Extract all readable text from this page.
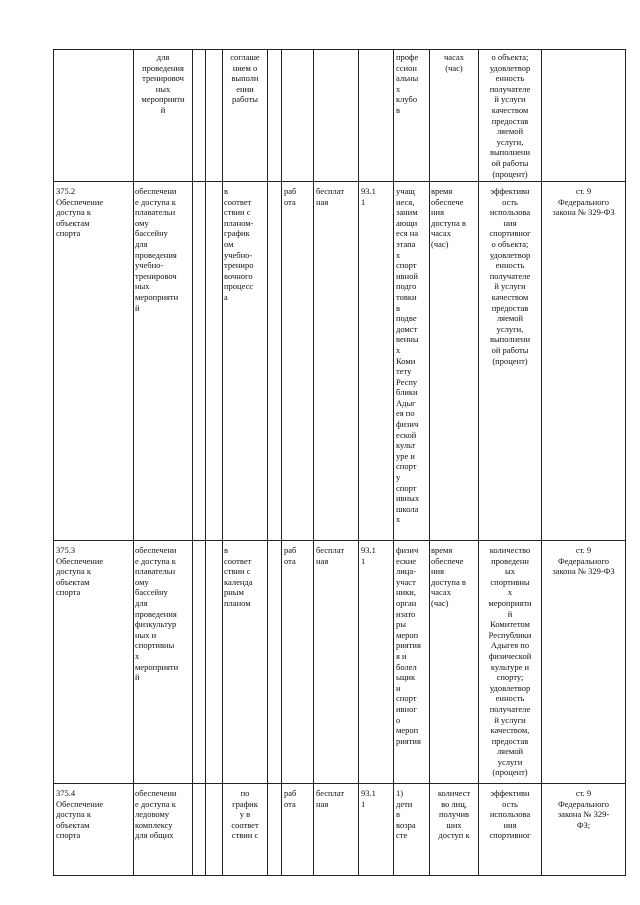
для
проведения
тренировоч
ных
мероприяти
й
соглаше
нием о
выполн
ении
работы
профе
ссион
альны
х
клубо
в
часах
(час)
о объекта;
удовлетвор
енность
получателе
й услуги
качеством
предостав
ляемой
услуги,
выполнени
ой работы
(процент)
375.2
Обеспечение
доступа к
объектам
спорта
обеспечени
е доступа к
плавательн
ому
бассейну
для
проведения
учебно-
тренировоч
ных
мероприяти
й
в
соответ
ствии с
планом-
график
ом
учебно-
трениро
вочного
процесс
а
раб
ота
бесплат
ная
93.1
1
учащ
иеся,
заним
ающи
еся на
этапа
х
спорт
ивной
подго
товки
в
подве
домст
венны
х
Коми
тету
Респу
блики
Адыг
ея по
физич
еской
культ
уре и
спорт
у
спорт
ивных
школа
х
время
обеспече
ния
доступа в
часах
(час)
эффективн
ость
использова
ния
спортивног
о объекта;
удовлетвор
енность
получателе
й услуги
качеством
предостав
ляемой
услуги,
выполнени
ой работы
(процент)
ст. 9
Федерального
закона № 329-ФЗ
375.3
Обеспечение
доступа к
объектам
спорта
обеспечени
е доступа к
плавательн
ому
бассейну
для
проведения
физкультур
ных и
спортивны
х
мероприяти
й
в
соответ
ствии с
календа
рным
планом
раб
ота
бесплат
ная
93.1
1
физич
еские
лица-
участ
ники,
орган
изато
ры
мероп
риятия
я и
болел
ьщик
и
спорт
ивног
о
мероп
риятия
время
обеспече
ния
доступа в
часах
(час)
количество
проведенн
ых
спортивны
х
мероприяти
й
Комитетом
Республики
Адыгея по
физической
культуре и
спорту;
удовлетвор
енность
получателе
й услуги
качеством,
предостав
ляемой
услуги
(процент)
ст. 9
Федерального
закона № 329-ФЗ
375.4
Обеспечение
доступа к
объектам
спорта
обеспечени
е доступа к
ледовому
комплексу
для общих
по
график
у в
соответ
ствии с
раб
ота
бесплат
ная
93.1
1
1)
дети
в
возра
сте
количест
во лиц,
получив
ших
доступ к
эффективн
ость
использова
ния
спортивног
ст. 9
Федерального
закона № 329-
ФЗ;
